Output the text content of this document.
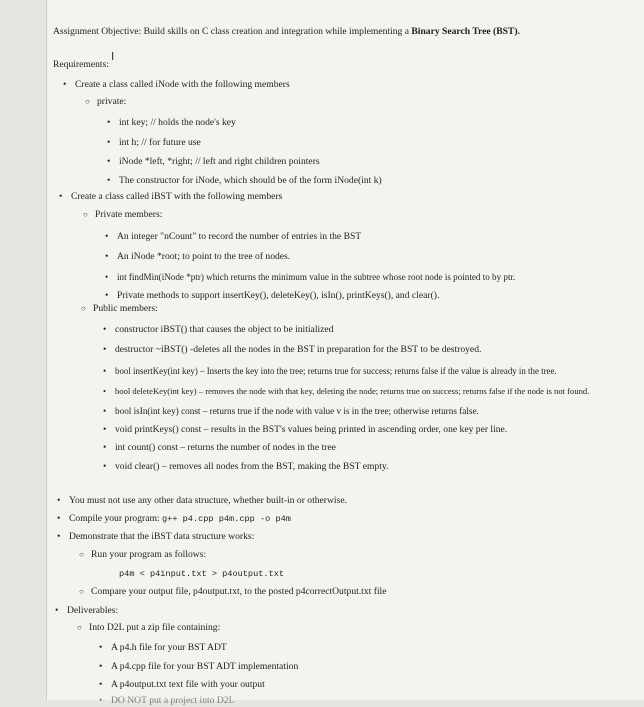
Assignment Objective: Build skills on C class creation and integration while implementing a Binary Search Tree (BST).
I
Requirements:
• Create a class called iNode with the following members
○ private:
• int key; // holds the node's key
• int h; // for future use
• iNode *left, *right; // left and right children pointers
• The constructor for iNode, which should be of the form iNode(int k)
• Create a class called iBST with the following members
○ Private members:
• An integer "nCount" to record the number of entries in the BST
• An iNode *root; to point to the tree of nodes.
• int findMin(iNode *ptr) which returns the minimum value in the subtree whose root node is pointed to by ptr.
• Private methods to support insertKey(), deleteKey(), isIn(), printKeys(), and clear().
○ Public members:
• constructor iBST() that causes the object to be initialized
• destructor ~iBST() -deletes all the nodes in the BST in preparation for the BST to be destroyed.
• bool insertKey(int key) – Inserts the key into the tree; returns true for success; returns false if the value is already in the tree.
• bool deleteKey(int key) – removes the node with that key, deleting the node; returns true on success; returns false if the node is not found.
• bool isIn(int key) const – returns true if the node with value v is in the tree; otherwise returns false.
• void printKeys() const – results in the BST's values being printed in ascending order, one key per line.
• int count() const – returns the number of nodes in the tree
• void clear() – removes all nodes from the BST, making the BST empty.
• You must not use any other data structure, whether built-in or otherwise.
• Compile your program: g++ p4.cpp p4m.cpp -o p4m
• Demonstrate that the iBST data structure works:
○ Run your program as follows:
p4m < p4input.txt > p4output.txt
○ Compare your output file, p4output.txt, to the posted p4correctOutput.txt file
• Deliverables:
○ Into D2L put a zip file containing:
• A p4.h file for your BST ADT
• A p4.cpp file for your BST ADT implementation
• A p4output.txt text file with your output
• DO NOT put a project into D2L
